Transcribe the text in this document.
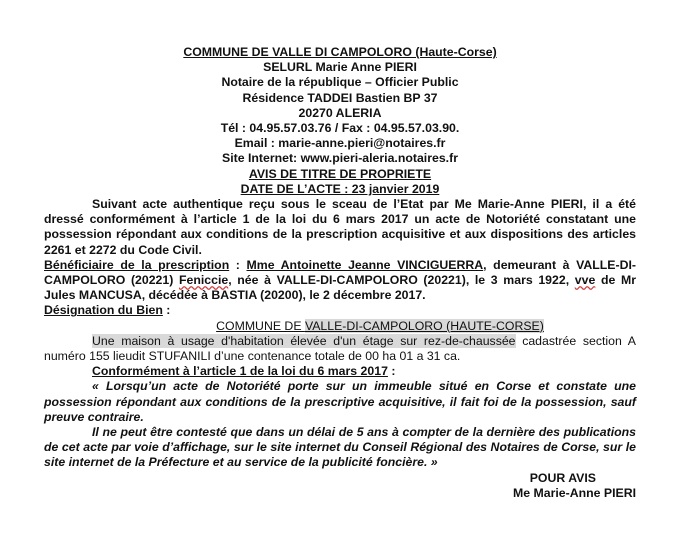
COMMUNE DE VALLE DI CAMPOLORO (Haute-Corse)
SELURL Marie Anne PIERI
Notaire de la république – Officier Public
Résidence TADDEI Bastien BP 37
20270 ALERIA
Tél : 04.95.57.03.76 / Fax : 04.95.57.03.90.
Email : marie-anne.pieri@notaires.fr
Site Internet: www.pieri-aleria.notaires.fr
AVIS DE TITRE DE PROPRIETE
DATE DE L’ACTE : 23 janvier 2019
Suivant acte authentique reçu sous le sceau de l’Etat par Me Marie-Anne PIERI, il a été dressé conformément à l’article 1 de la loi du 6 mars 2017 un acte de Notoriété constatant une possession répondant aux conditions de la prescription acquisitive et aux dispositions des articles 2261 et 2272 du Code Civil.
Bénéficiaire de la prescription : Mme Antoinette Jeanne VINCIGUERRA, demeurant à VALLE-DI-CAMPOLORO (20221) Feniccie, née à VALLE-DI-CAMPOLORO (20221), le 3 mars 1922, vve de Mr Jules MANCUSA, décédée à BASTIA (20200), le 2 décembre 2017.
Désignation du Bien :
COMMUNE DE VALLE-DI-CAMPOLORO (HAUTE-CORSE)
Une maison à usage d'habitation élevée d'un étage sur rez-de-chaussée cadastrée section A numéro 155 lieudit STUFANILI d’une contenance totale de 00 ha 01 a 31 ca.
Conformément à l’article 1 de la loi du 6 mars 2017 :
« Lorsqu’un acte de Notoriété porte sur un immeuble situé en Corse et constate une possession répondant aux conditions de la prescriptive acquisitive, il fait foi de la possession, sauf preuve contraire.
Il ne peut être contesté que dans un délai de 5 ans à compter de la dernière des publications de cet acte par voie d’affichage, sur le site internet du Conseil Régional des Notaires de Corse, sur le site internet de la Préfecture et au service de la publicité foncière. »
POUR AVIS
Me Marie-Anne PIERI
